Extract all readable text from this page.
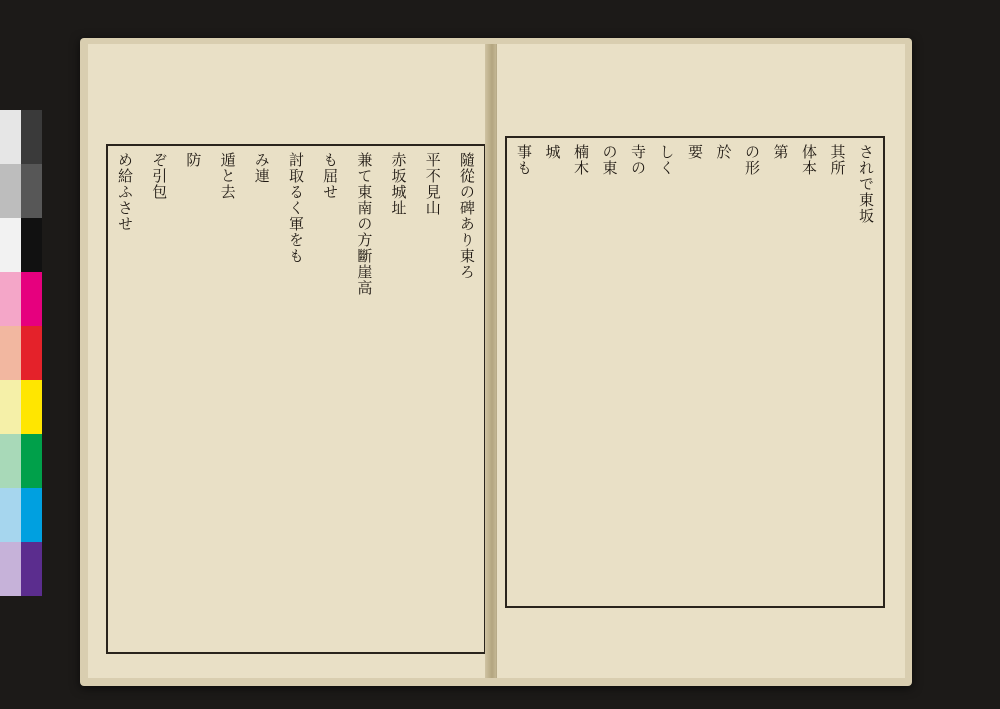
隨從の碑あり東ろ
平不見山
赤坂城址
兼て東南の方斷崖高
も屈せ
討取るく軍をも
み連
遁と去
防
ぞ引包
め給ふさせ	されで東坂
其所
体本
第
の形
於
要
しく
寺の
の東
楠木
城
事も
